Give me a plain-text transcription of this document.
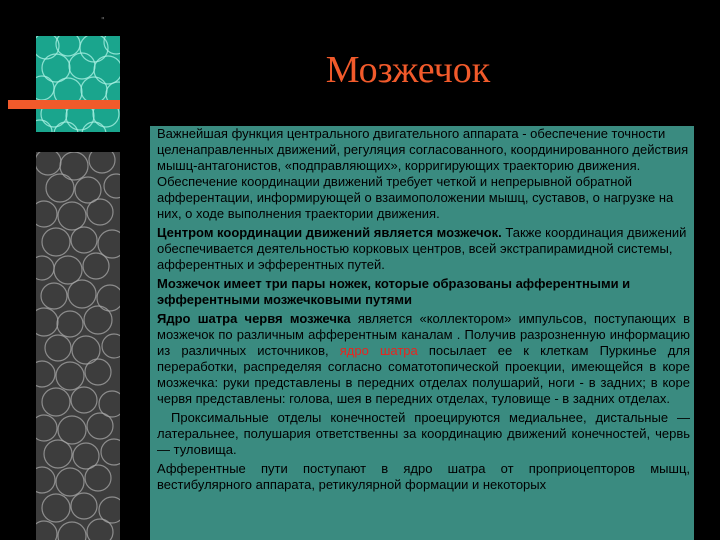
"
Мозжечок

Важнейшая функция центрального двигательного аппарата - обеспечение точности целенаправленных движений, регуляция согласованного, координированного действия мышц-антагонистов, «подправляющих», корригирующих траекторию движения. Обеспечение координации движений требует четкой и непрерывной обратной афферентации, информирующей о взаимоположении мышц, суставов, о нагрузке на них, о ходе выполнения траектории движения.

Центром координации движений является мозжечок. Также координация движений обеспечивается деятельностью корковых центров, всей экстрапирамидной системы, афферентных и эфферентных путей.

Мозжечок имеет три пары ножек, которые образованы афферентными и эфферентными мозжечковыми путями

Ядро шатра червя мозжечка является «коллектором» импульсов, поступающих в мозжечок по различным афферентным каналам . Получив разрозненную информацию из различных источников, ядро шатра посылает ее к клеткам Пуркинье для переработки, распределяя согласно соматотопической проекции, имеющейся в коре мозжечка: руки представлены в передних отделах полушарий, ноги - в задних; в коре червя представлены: голова, шея в передних отделах, туловище - в задних отделах.

Проксимальные отделы конечностей проецируются медиальнее, дистальные — латеральнее, полушария ответственны за координацию движений конечностей, червь — туловища.

Афферентные пути поступают в ядро шатра от проприоцепторов мышц, вестибулярного аппарата, ретикулярной формации и некоторых
